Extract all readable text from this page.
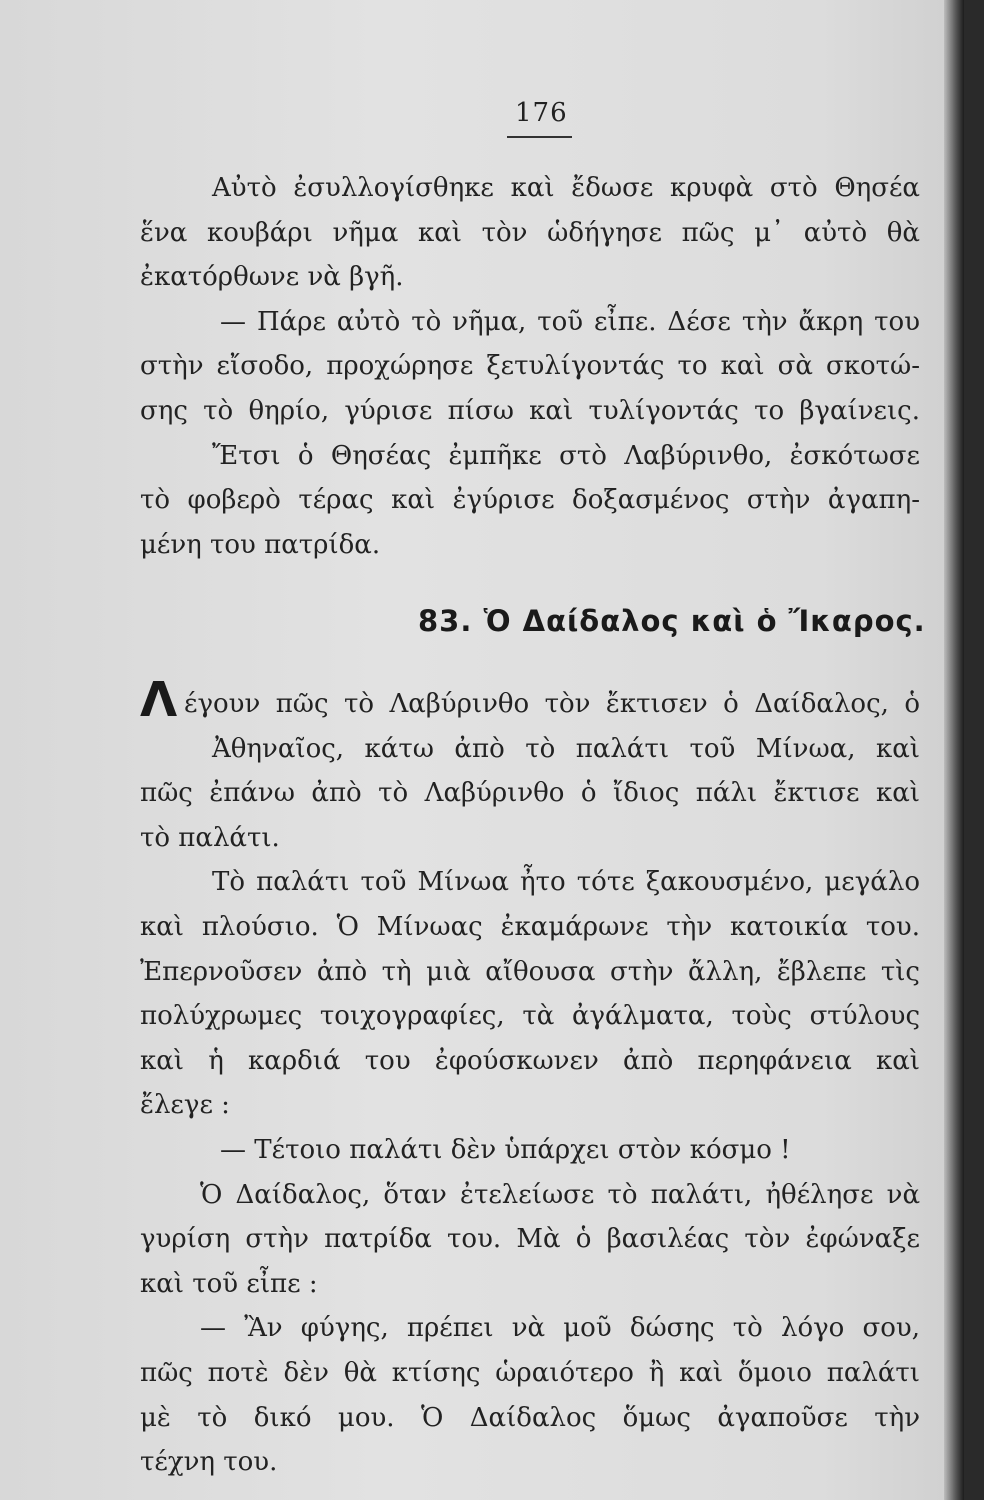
176
Αὐτὸ ἐσυλλογίσθηκε καὶ ἔδωσε κρυφὰ στὸ Θησέα
ἕνα κουβάρι νῆμα καὶ τὸν ὡδήγησε πῶς μ᾿ αὐτὸ θὰ
ἐκατόρθωνε νὰ βγῆ.
— Πάρε αὐτὸ τὸ νῆμα, τοῦ εἶπε. Δέσε τὴν ἄκρη του
στὴν εἴσοδο, προχώρησε ξετυλίγοντάς το καὶ σὰ σκοτώ-
σης τὸ θηρίο, γύρισε πίσω καὶ τυλίγοντάς το βγαίνεις.
Ἔτσι ὁ Θησέας ἐμπῆκε στὸ Λαβύρινθο, ἐσκότωσε
τὸ φοβερὸ τέρας καὶ ἐγύρισε δοξασμένος στὴν ἀγαπη-
μένη του πατρίδα.
83. Ὁ Δαίδαλος καὶ ὁ Ἴκαρος.
Λ έγουν πῶς τὸ Λαβύρινθο τὸν ἔκτισεν ὁ Δαίδαλος, ὁ
Ἀθηναῖος, κάτω ἀπὸ τὸ παλάτι τοῦ Μίνωα, καὶ
πῶς ἐπάνω ἀπὸ τὸ Λαβύρινθο ὁ ἴδιος πάλι ἔκτισε καὶ
τὸ παλάτι.
Τὸ παλάτι τοῦ Μίνωα ἦτο τότε ξακουσμένο, μεγάλο
καὶ πλούσιο. Ὁ Μίνωας ἐκαμάρωνε τὴν κατοικία του.
Ἐπερνοῦσεν ἀπὸ τὴ μιὰ αἴθουσα στὴν ἄλλη, ἔβλεπε τὶς
πολύχρωμες τοιχογραφίες, τὰ ἀγάλματα, τοὺς στύλους
καὶ ἡ καρδιά του ἐφούσκωνεν ἀπὸ περηφάνεια καὶ
ἔλεγε :
— Τέτοιο παλάτι δὲν ὑπάρχει στὸν κόσμο !
Ὁ Δαίδαλος, ὅταν ἐτελείωσε τὸ παλάτι, ἠθέλησε νὰ
γυρίση στὴν πατρίδα του. Μὰ ὁ βασιλέας τὸν ἐφώναξε
καὶ τοῦ εἶπε :
— Ἂν φύγης, πρέπει νὰ μοῦ δώσης τὸ λόγο σου,
πῶς ποτὲ δὲν θὰ κτίσης ὡραιότερο ἢ καὶ ὅμοιο παλάτι
μὲ τὸ δικό μου. Ὁ Δαίδαλος ὅμως ἀγαποῦσε τὴν
τέχνη του.
